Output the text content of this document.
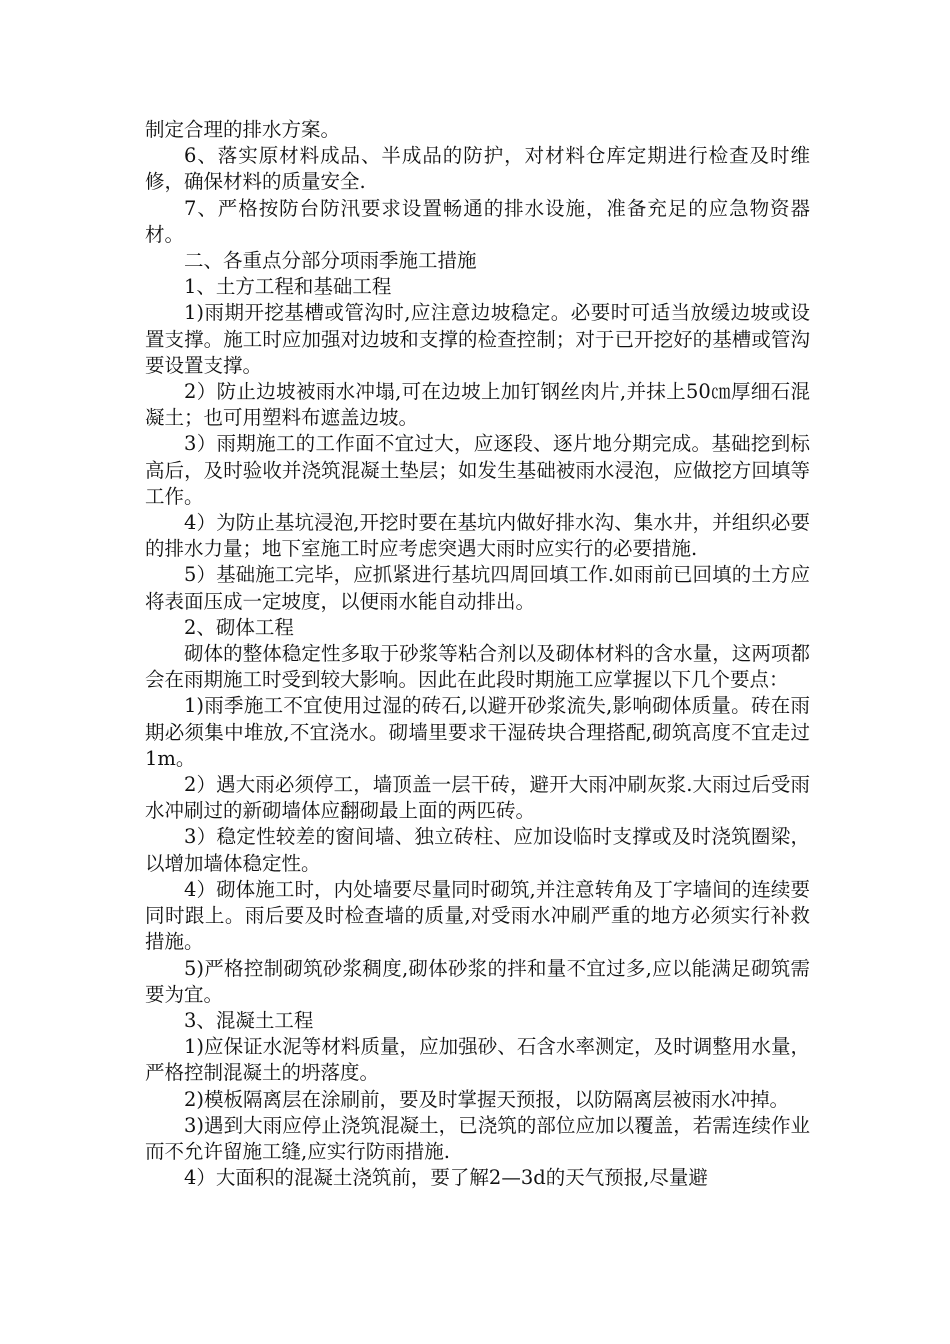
制定合理的排水方案。

6、落实原材料成品、半成品的防护，对材料仓库定期进行检查及时维修，确保材料的质量安全.

7、严格按防台防汛要求设置畅通的排水设施，准备充足的应急物资器材。

二、各重点分部分项雨季施工措施

1、土方工程和基础工程

1)雨期开挖基槽或管沟时,应注意边坡稳定。必要时可适当放缓边坡或设置支撑。施工时应加强对边坡和支撑的检查控制；对于已开挖好的基槽或管沟要设置支撑。

2）防止边坡被雨水冲塌,可在边坡上加钉钢丝肉片,并抹上50㎝厚细石混凝土；也可用塑料布遮盖边坡。

3）雨期施工的工作面不宜过大，应逐段、逐片地分期完成。基础挖到标高后，及时验收并浇筑混凝土垫层；如发生基础被雨水浸泡，应做挖方回填等工作。

4）为防止基坑浸泡,开挖时要在基坑内做好排水沟、集水井，并组织必要的排水力量；地下室施工时应考虑突遇大雨时应实行的必要措施.

5）基础施工完毕，应抓紧进行基坑四周回填工作.如雨前已回填的土方应将表面压成一定坡度，以便雨水能自动排出。

2、砌体工程

砌体的整体稳定性多取于砂浆等粘合剂以及砌体材料的含水量，这两项都会在雨期施工时受到较大影响。因此在此段时期施工应掌握以下几个要点：

1)雨季施工不宜使用过湿的砖石,以避开砂浆流失,影响砌体质量。砖在雨期必须集中堆放,不宜浇水。砌墙里要求干湿砖块合理搭配,砌筑高度不宜走过1m。

2）遇大雨必须停工，墙顶盖一层干砖，避开大雨冲刷灰浆.大雨过后受雨水冲刷过的新砌墙体应翻砌最上面的两匹砖。

3）稳定性较差的窗间墙、独立砖柱、应加设临时支撑或及时浇筑圈梁，以增加墙体稳定性。

4）砌体施工时，内处墙要尽量同时砌筑,并注意转角及丁字墙间的连续要同时跟上。雨后要及时检查墙的质量,对受雨水冲刷严重的地方必须实行补救措施。

5)严格控制砌筑砂浆稠度,砌体砂浆的拌和量不宜过多,应以能满足砌筑需要为宜。

3、混凝土工程

1)应保证水泥等材料质量，应加强砂、石含水率测定，及时调整用水量，严格控制混凝土的坍落度。

2)模板隔离层在涂刷前，要及时掌握天预报，以防隔离层被雨水冲掉。

3)遇到大雨应停止浇筑混凝土，已浇筑的部位应加以覆盖，若需连续作业而不允许留施工缝,应实行防雨措施.

4）大面积的混凝土浇筑前，要了解2—3d的天气预报,尽量避
